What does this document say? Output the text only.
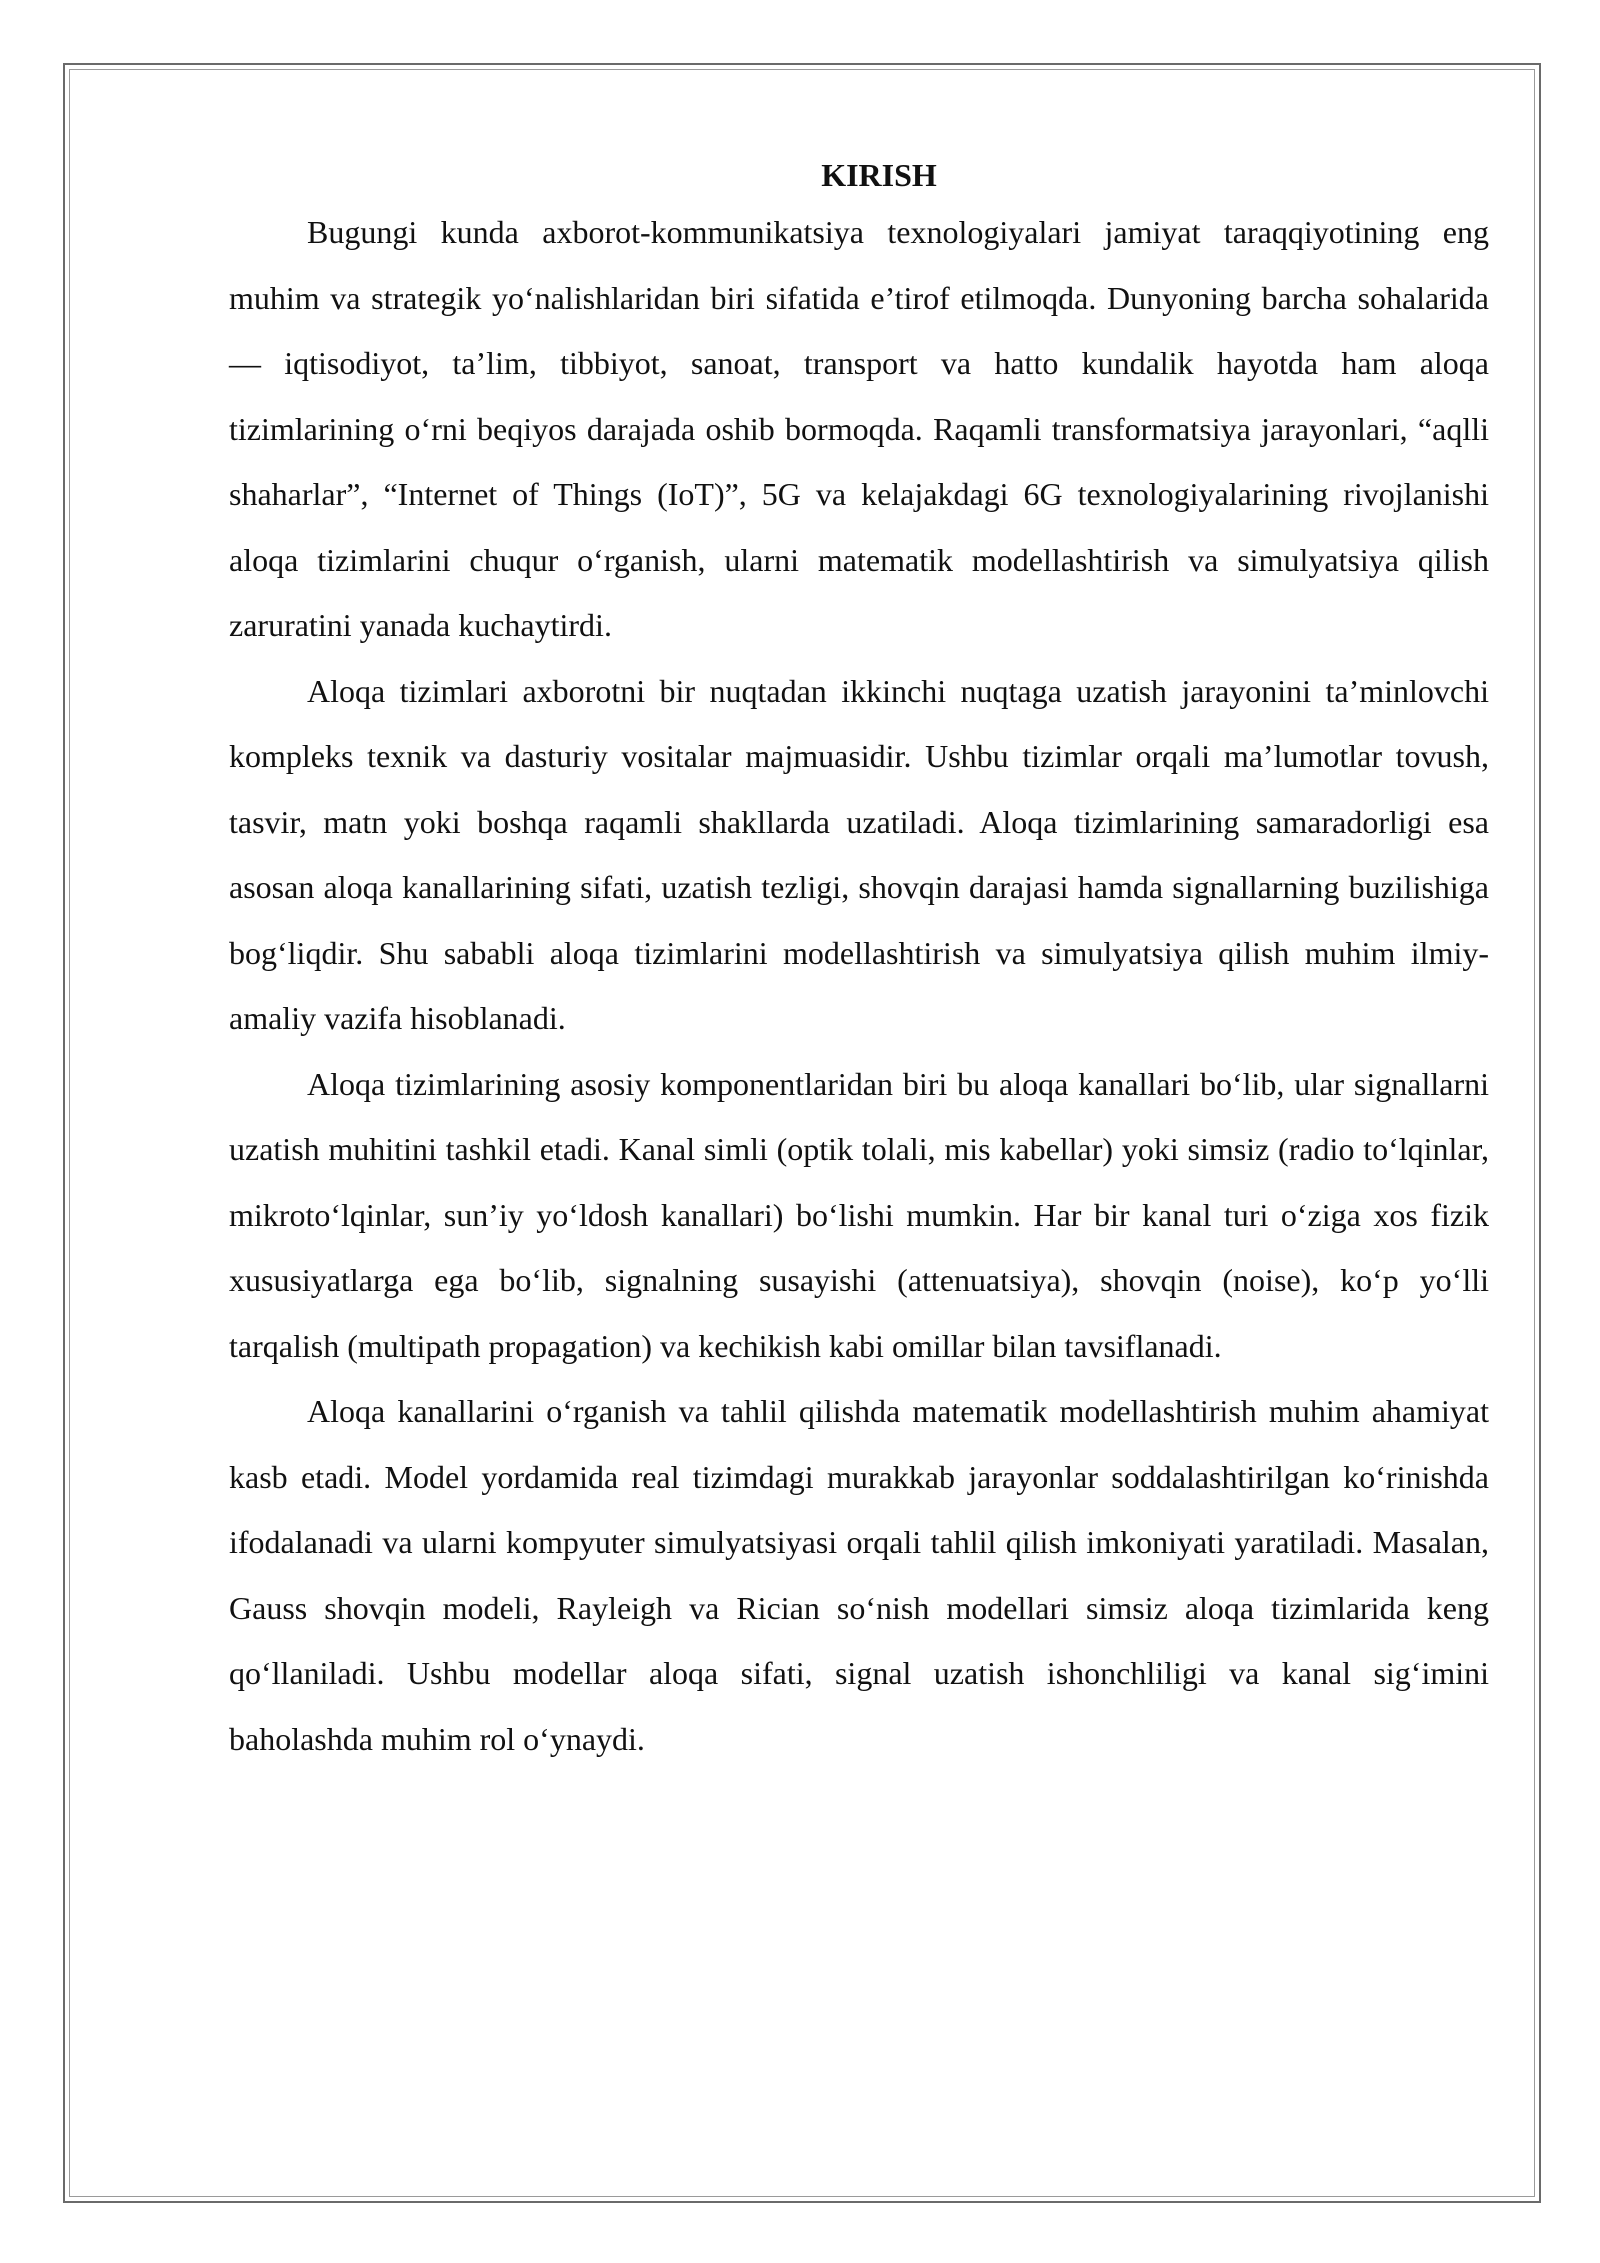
KIRISH

Bugungi kunda axborot-kommunikatsiya texnologiyalari jamiyat taraqqiyotining eng muhim va strategik yo‘nalishlaridan biri sifatida e’tirof etilmoqda. Dunyoning barcha sohalarida — iqtisodiyot, ta’lim, tibbiyot, sanoat, transport va hatto kundalik hayotda ham aloqa tizimlarining o‘rni beqiyos darajada oshib bormoqda. Raqamli transformatsiya jarayonlari, “aqlli shaharlar”, “Internet of Things (IoT)”, 5G va kelajakdagi 6G texnologiyalarining rivojlanishi aloqa tizimlarini chuqur o‘rganish, ularni matematik modellashtirish va simulyatsiya qilish zaruratini yanada kuchaytirdi.

Aloqa tizimlari axborotni bir nuqtadan ikkinchi nuqtaga uzatish jarayonini ta’minlovchi kompleks texnik va dasturiy vositalar majmuasidir. Ushbu tizimlar orqali ma’lumotlar tovush, tasvir, matn yoki boshqa raqamli shakllarda uzatiladi. Aloqa tizimlarining samaradorligi esa asosan aloqa kanallarining sifati, uzatish tezligi, shovqin darajasi hamda signallarning buzilishiga bog‘liqdir. Shu sababli aloqa tizimlarini modellashtirish va simulyatsiya qilish muhim ilmiy-amaliy vazifa hisoblanadi.

Aloqa tizimlarining asosiy komponentlaridan biri bu aloqa kanallari bo‘lib, ular signallarni uzatish muhitini tashkil etadi. Kanal simli (optik tolali, mis kabellar) yoki simsiz (radio to‘lqinlar, mikroto‘lqinlar, sun’iy yo‘ldosh kanallari) bo‘lishi mumkin. Har bir kanal turi o‘ziga xos fizik xususiyatlarga ega bo‘lib, signalning susayishi (attenuatsiya), shovqin (noise), ko‘p yo‘lli tarqalish (multipath propagation) va kechikish kabi omillar bilan tavsiflanadi.

Aloqa kanallarini o‘rganish va tahlil qilishda matematik modellashtirish muhim ahamiyat kasb etadi. Model yordamida real tizimdagi murakkab jarayonlar soddalashtirilgan ko‘rinishda ifodalanadi va ularni kompyuter simulyatsiyasi orqali tahlil qilish imkoniyati yaratiladi. Masalan, Gauss shovqin modeli, Rayleigh va Rician so‘nish modellari simsiz aloqa tizimlarida keng qo‘llaniladi. Ushbu modellar aloqa sifati, signal uzatish ishonchliligi va kanal sig‘imini baholashda muhim rol o‘ynaydi.
